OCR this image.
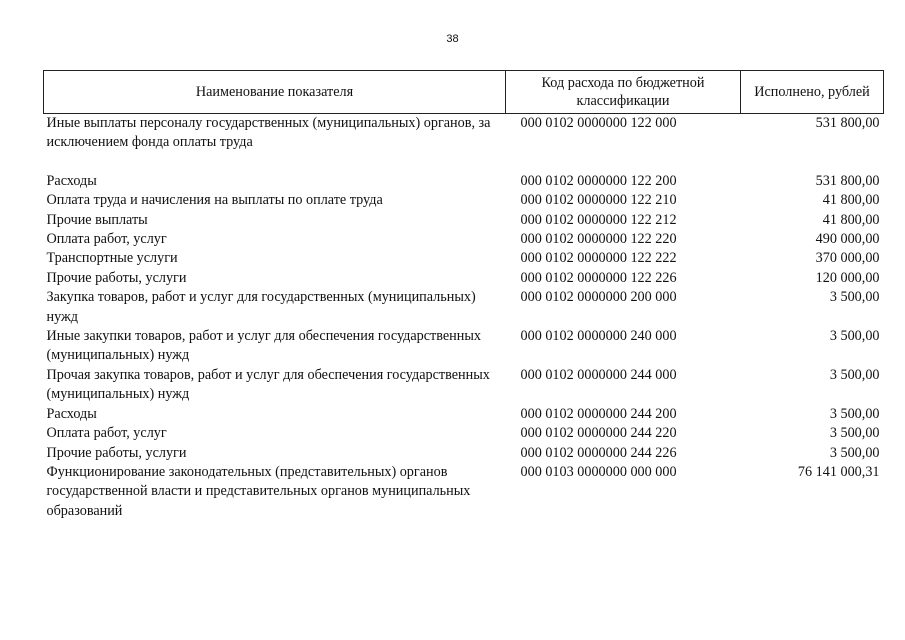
38
Наименование показателя	Код расхода по бюджетной классификации	Исполнено, рублей
Иные выплаты персоналу государственных (муниципальных) органов, за исключением фонда оплаты труда	000 0102 0000000 122 000	531 800,00
Расходы	000 0102 0000000 122 200	531 800,00
Оплата труда и начисления на выплаты по оплате труда	000 0102 0000000 122 210	41 800,00
Прочие выплаты	000 0102 0000000 122 212	41 800,00
Оплата работ, услуг	000 0102 0000000 122 220	490 000,00
Транспортные услуги	000 0102 0000000 122 222	370 000,00
Прочие работы, услуги	000 0102 0000000 122 226	120 000,00
Закупка товаров, работ и услуг для государственных (муниципальных) нужд	000 0102 0000000 200 000	3 500,00
Иные закупки товаров, работ и услуг для обеспечения государственных (муниципальных) нужд	000 0102 0000000 240 000	3 500,00
Прочая закупка товаров, работ и услуг для обеспечения государственных (муниципальных) нужд	000 0102 0000000 244 000	3 500,00
Расходы	000 0102 0000000 244 200	3 500,00
Оплата работ, услуг	000 0102 0000000 244 220	3 500,00
Прочие работы, услуги	000 0102 0000000 244 226	3 500,00
Функционирование законодательных (представительных) органов государственной власти и представительных органов муниципальных образований	000 0103 0000000 000 000	76 141 000,31
